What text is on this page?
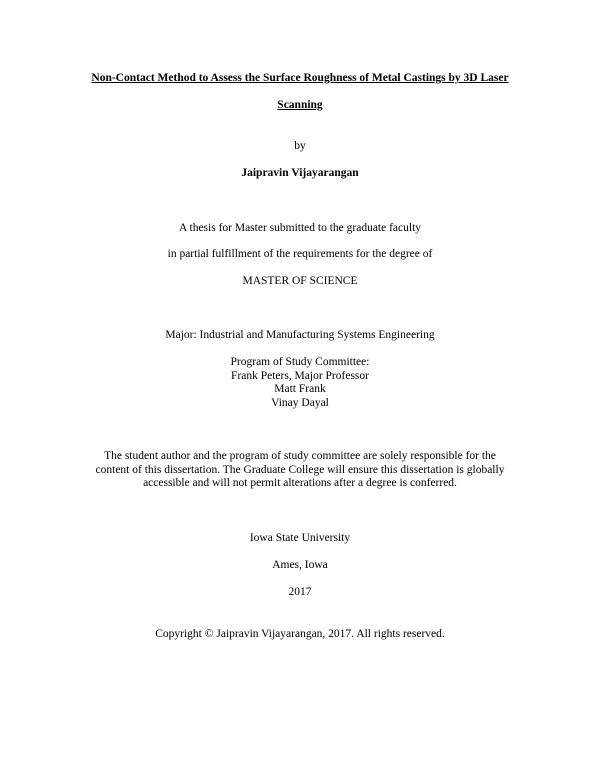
Non-Contact Method to Assess the Surface Roughness of Metal Castings by 3D Laser
Scanning
by
Jaipravin Vijayarangan
A thesis for Master submitted to the graduate faculty
in partial fulfillment of the requirements for the degree of
MASTER OF SCIENCE
Major: Industrial and Manufacturing Systems Engineering
Program of Study Committee:
Frank Peters, Major Professor
Matt Frank
Vinay Dayal
The student author and the program of study committee are solely responsible for the
content of this dissertation. The Graduate College will ensure this dissertation is globally
accessible and will not permit alterations after a degree is conferred.
Iowa State University
Ames, Iowa
2017
Copyright © Jaipravin Vijayarangan, 2017. All rights reserved.
